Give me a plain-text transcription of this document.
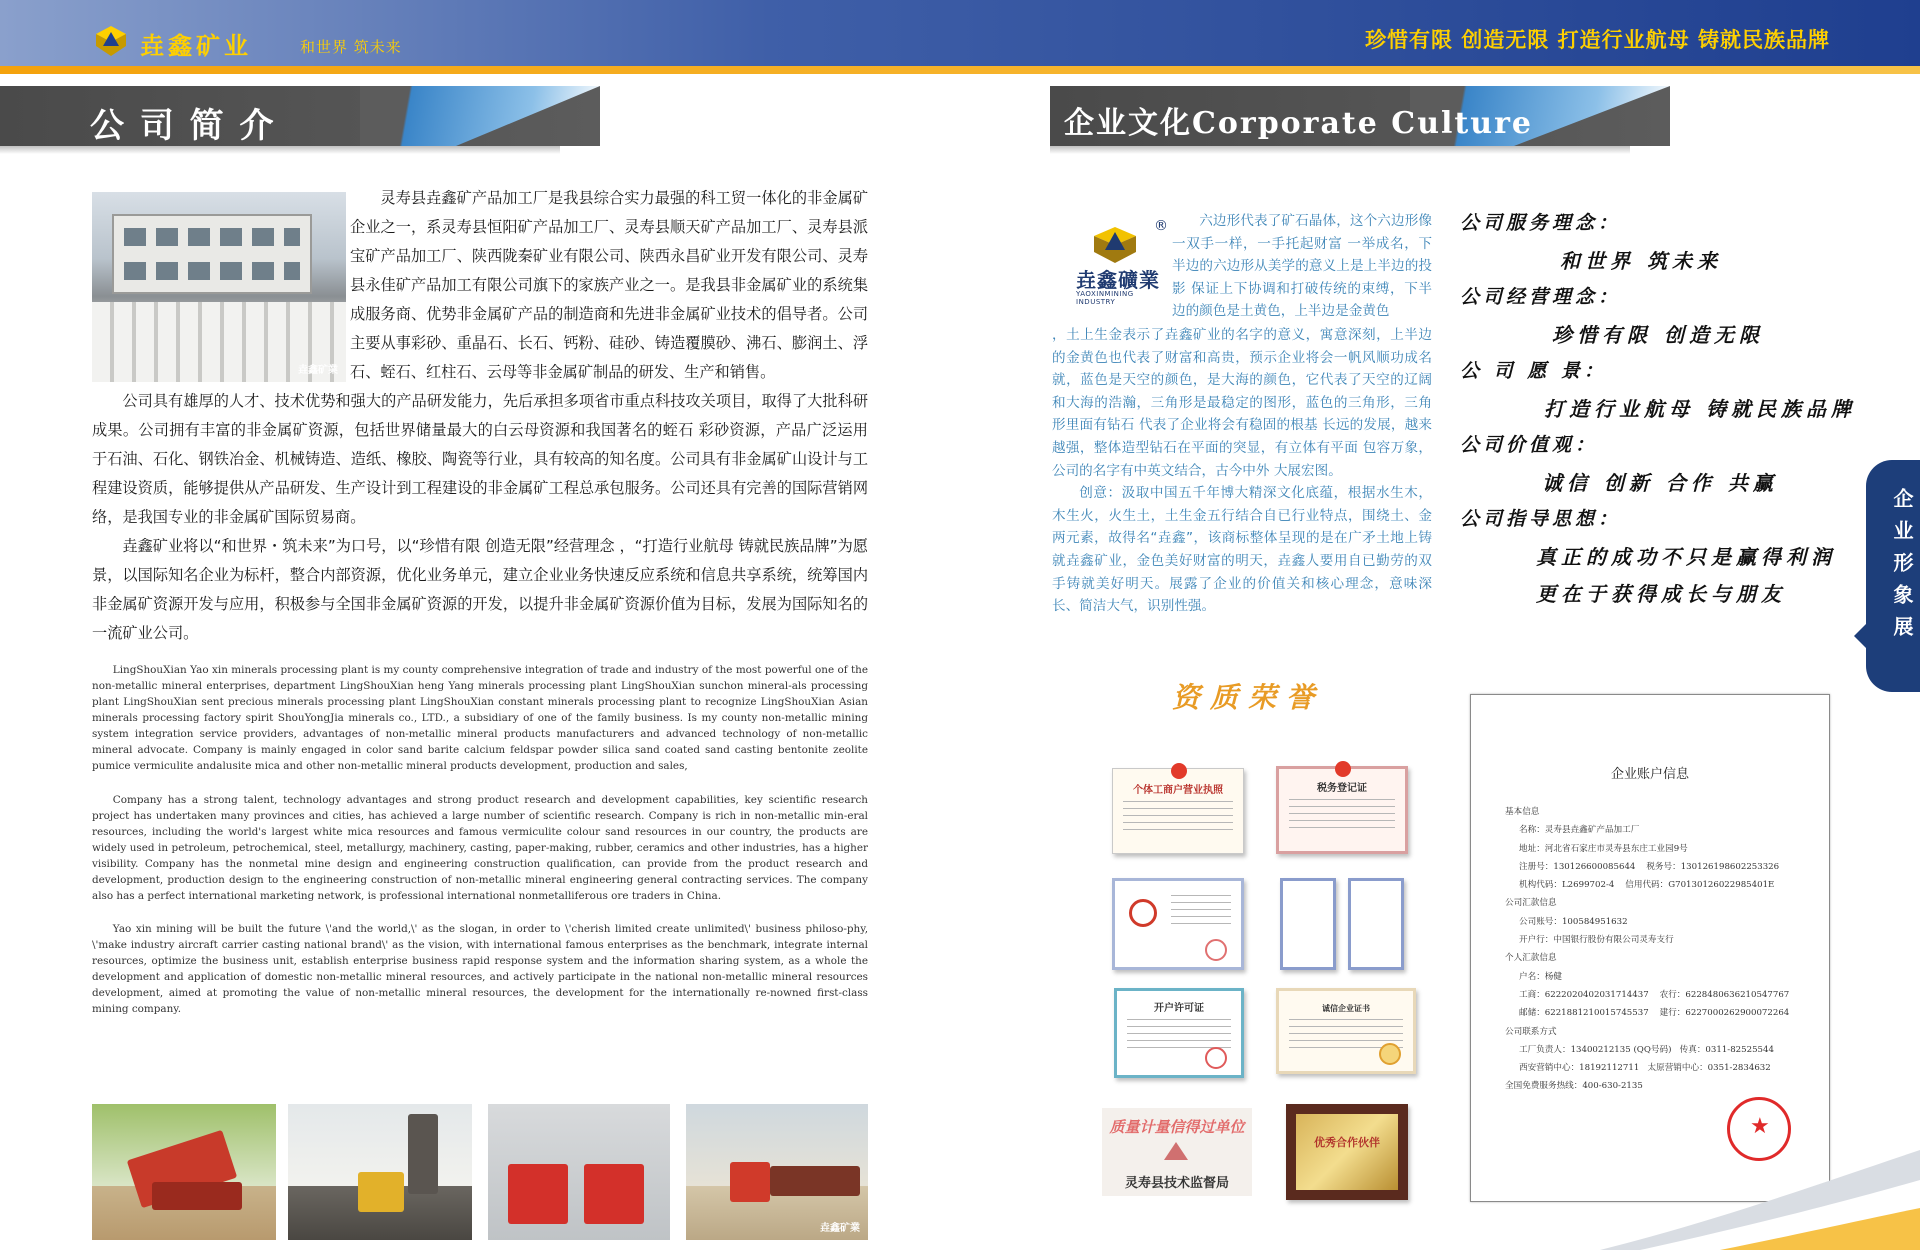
垚鑫矿业	和世界 筑未来	珍惜有限 创造无限 打造行业航母 铸就民族品牌
公 司 简 介
垚鑫矿業

灵寿县垚鑫矿产品加工厂是我县综合实力最强的科工贸一体化的非金属矿企业之一，系灵寿县恒阳矿产品加工厂、灵寿县顺天矿产品加工厂、灵寿县派宝矿产品加工厂、陕西陇秦矿业有限公司、陕西永昌矿业开发有限公司、灵寿县永佳矿产品加工有限公司旗下的家族产业之一。是我县非金属矿业的系统集成服务商、优势非金属矿产品的制造商和先进非金属矿业技术的倡导者。公司主要从事彩砂、重晶石、长石、钙粉、硅砂、铸造覆膜砂、沸石、膨润土、浮石、蛭石、红柱石、云母等非金属矿制品的研发、生产和销售。

公司具有雄厚的人才、技术优势和强大的产品研发能力，先后承担多项省市重点科技攻关项目，取得了大批科研成果。公司拥有丰富的非金属矿资源，包括世界储量最大的白云母资源和我国著名的蛭石 彩砂资源，产品广泛运用于石油、石化、钢铁冶金、机械铸造、造纸、橡胶、陶瓷等行业，具有较高的知名度。公司具有非金属矿山设计与工程建设资质，能够提供从产品研发、生产设计到工程建设的非金属矿工程总承包服务。公司还具有完善的国际营销网络，是我国专业的非金属矿国际贸易商。

垚鑫矿业将以“和世界・筑未来”为口号，以“珍惜有限 创造无限”经营理念 ，“打造行业航母 铸就民族品牌”为愿景，以国际知名企业为标杆，整合内部资源，优化业务单元，建立企业业务快速反应系统和信息共享系统，统筹国内非金属矿资源开发与应用，积极参与全国非金属矿资源的开发，以提升非金属矿资源价值为目标，发展为国际知名的一流矿业公司。

LingShouXian Yao xin minerals processing plant is my county comprehensive integration of trade and industry of the most powerful one of the non-metallic mineral enterprises, department LingShouXian heng Yang minerals processing plant LingShouXian sunchon mineral-als processing plant LingShouXian sent precious minerals processing plant LingShouXian constant minerals processing plant to recognize LingShouXian Asian minerals processing factory spirit ShouYongJia minerals co., LTD., a subsidiary of one of the family business. Is my county non-metallic mining system integration service providers, advantages of non-metallic mineral products manufacturers and advanced technology of non-metallic mineral advocate. Company is mainly engaged in color sand barite calcium feldspar powder silica sand coated sand casting bentonite zeolite pumice vermiculite andalusite mica and other non-metallic mineral products development, production and sales,

Company has a strong talent, technology advantages and strong product research and development capabilities, key scientific research project has undertaken many provinces and cities, has achieved a large number of scientific research. Company is rich in non-metallic min-eral resources, including the world's largest white mica resources and famous vermiculite colour sand resources in our country, the products are widely used in petroleum, petrochemical, steel, metallurgy, machinery, casting, paper-making, rubber, ceramics and other industries, has a higher visibility. Company has the nonmetal mine design and engineering construction qualification, can provide from the product research and development, production design to the engineering construction of non-metallic mineral engineering general contracting services. The company also has a perfect international marketing network, is professional international nonmetalliferous ore traders in China.

Yao xin mining will be built the future \'and the world,\' as the slogan, in order to \'cherish limited create unlimited\' business philoso-phy, \'make industry aircraft carrier casting national brand\' as the vision, with international famous enterprises as the benchmark, integrate internal resources, optimize the business unit, establish enterprise business rapid response system and the information sharing system, as a whole the development and application of domestic non-metallic mineral resources, and actively participate in the national non-metallic mineral resources development, aimed at promoting the value of non-metallic mineral resources, the development for the internationally re-nowned first-class mining company.

垚鑫矿業
企业文化Corporate Culture
垚鑫礦業
YAOXINMINING INDUSTRY
®	六边形代表了矿石晶体，这个六边形像一双手一样，一手托起财富 一举成名，下半边的六边形从美学的意义上是上半边的投影 保证上下协调和打破传统的束缚，下半边的颜色是土黄色，上半边是金黄色

，土上生金表示了垚鑫矿业的名字的意义，寓意深刻，上半边的金黄色也代表了财富和高贵，预示企业将会一帆风顺功成名就，蓝色是天空的颜色，是大海的颜色，它代表了天空的辽阔和大海的浩瀚，三角形是最稳定的图形，蓝色的三角形，三角形里面有钻石 代表了企业将会有稳固的根基 长远的发展，越来越强，整体造型钻石在平面的突显，有立体有平面 包容万象，公司的名字有中英文结合，古今中外 大展宏图。

创意：汲取中国五千年博大精深文化底蕴，根据水生木，木生火，火生土，土生金五行结合自已行业特点，围绕土、金两元素，故得名“垚鑫”，该商标整体呈现的是在广矛土地上铸就垚鑫矿业，金色美好财富的明天，垚鑫人要用自已勤劳的双手铸就美好明天。展露了企业的价值关和核心理念，意味深长、简洁大气，识别性强。

公司服务理念：
和世界 筑未来
公司经营理念：
珍惜有限 创造无限
公 司 愿 景：
打造行业航母 铸就民族品牌
公司价值观：
诚信 创新 合作 共赢
公司指导思想：
真正的成功不只是赢得利润
更在于获得成长与朋友	企业形象展
资质荣誉
个体工商户营业执照	税务登记证
开户许可证	诚信企业证书
质量计量信得过单位
灵寿县技术监督局
优秀合作伙伴
企业账户信息
基本信息
名称：灵寿县垚鑫矿产品加工厂
地址：河北省石家庄市灵寿县东庄工业园9号
注册号：130126600085644 税务号：130126198602253326
机构代码：L2699702-4 信用代码：G70130126022985401E
公司汇款信息
公司账号：100584951632
开户行：中国银行股份有限公司灵寿支行
个人汇款信息
户名：杨健
工商：6222020402031714437 农行：6228480636210547767
邮储：6221881210015745537 建行：6227000262900072264
公司联系方式
工厂负责人：13400212135 (QQ号码) 传真：0311-82525544
西安营销中心：18192112711 太原营销中心：0351-2834632
全国免费服务热线：400-630-2135
★
